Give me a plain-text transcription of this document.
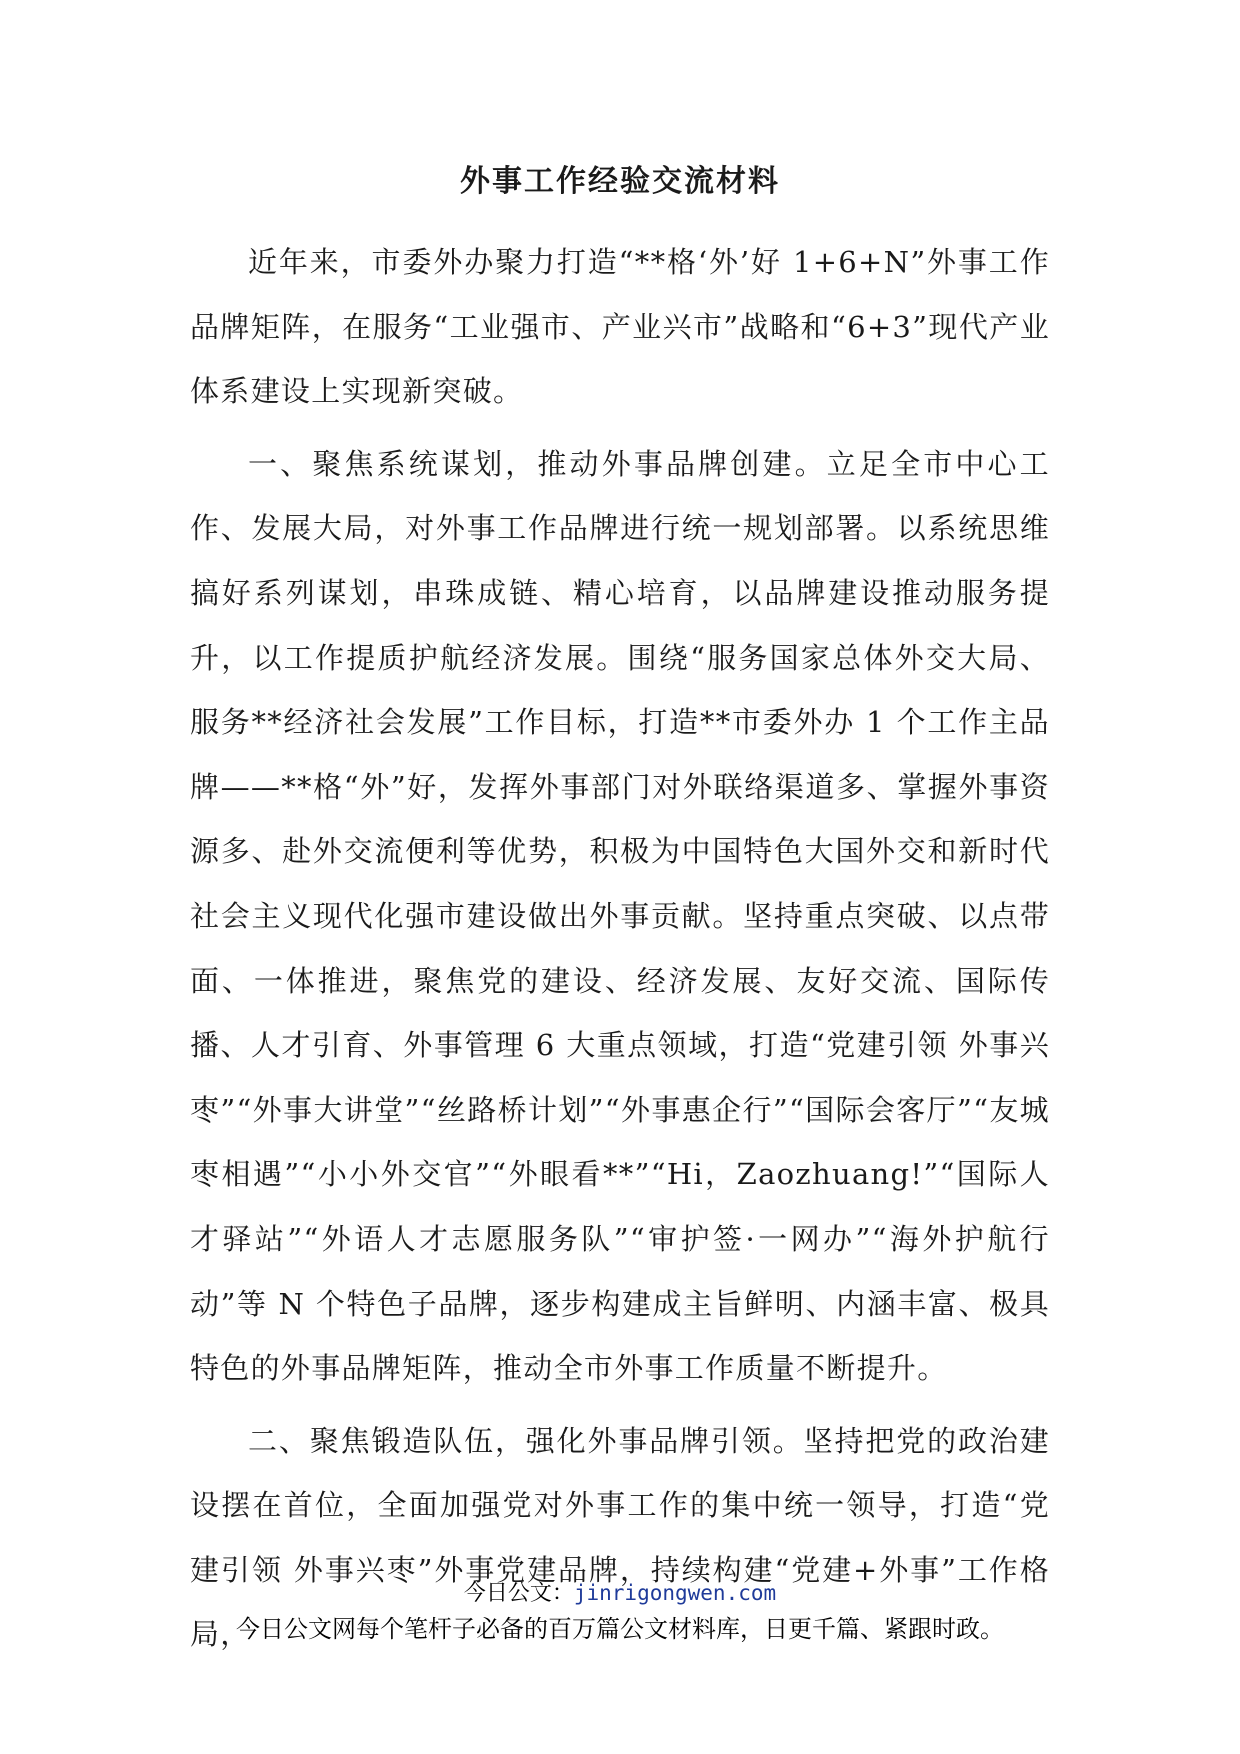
外事工作经验交流材料

近年来，市委外办聚力打造“**格‘外’好 1+6+N”外事工作品牌矩阵，在服务“工业强市、产业兴市”战略和“6+3”现代产业体系建设上实现新突破。

一、聚焦系统谋划，推动外事品牌创建。立足全市中心工作、发展大局，对外事工作品牌进行统一规划部署。以系统思维搞好系列谋划，串珠成链、精心培育，以品牌建设推动服务提升，以工作提质护航经济发展。围绕“服务国家总体外交大局、服务**经济社会发展”工作目标，打造**市委外办 1 个工作主品牌——**格“外”好，发挥外事部门对外联络渠道多、掌握外事资源多、赴外交流便利等优势，积极为中国特色大国外交和新时代社会主义现代化强市建设做出外事贡献。坚持重点突破、以点带面、一体推进，聚焦党的建设、经济发展、友好交流、国际传播、人才引育、外事管理 6 大重点领域，打造“党建引领 外事兴枣”“外事大讲堂”“丝路桥计划”“外事惠企行”“国际会客厅”“友城枣相遇”“小小外交官”“外眼看**”“Hi，Zaozhuang!”“国际人才驿站”“外语人才志愿服务队”“审护签·一网办”“海外护航行动”等 N 个特色子品牌，逐步构建成主旨鲜明、内涵丰富、极具特色的外事品牌矩阵，推动全市外事工作质量不断提升。

二、聚焦锻造队伍，强化外事品牌引领。坚持把党的政治建设摆在首位，全面加强党对外事工作的集中统一领导，打造“党建引领 外事兴枣”外事党建品牌，持续构建“党建+外事”工作格局，

今日公文：jinrigongwen.com
今日公文网每个笔杆子必备的百万篇公文材料库，日更千篇、紧跟时政。
